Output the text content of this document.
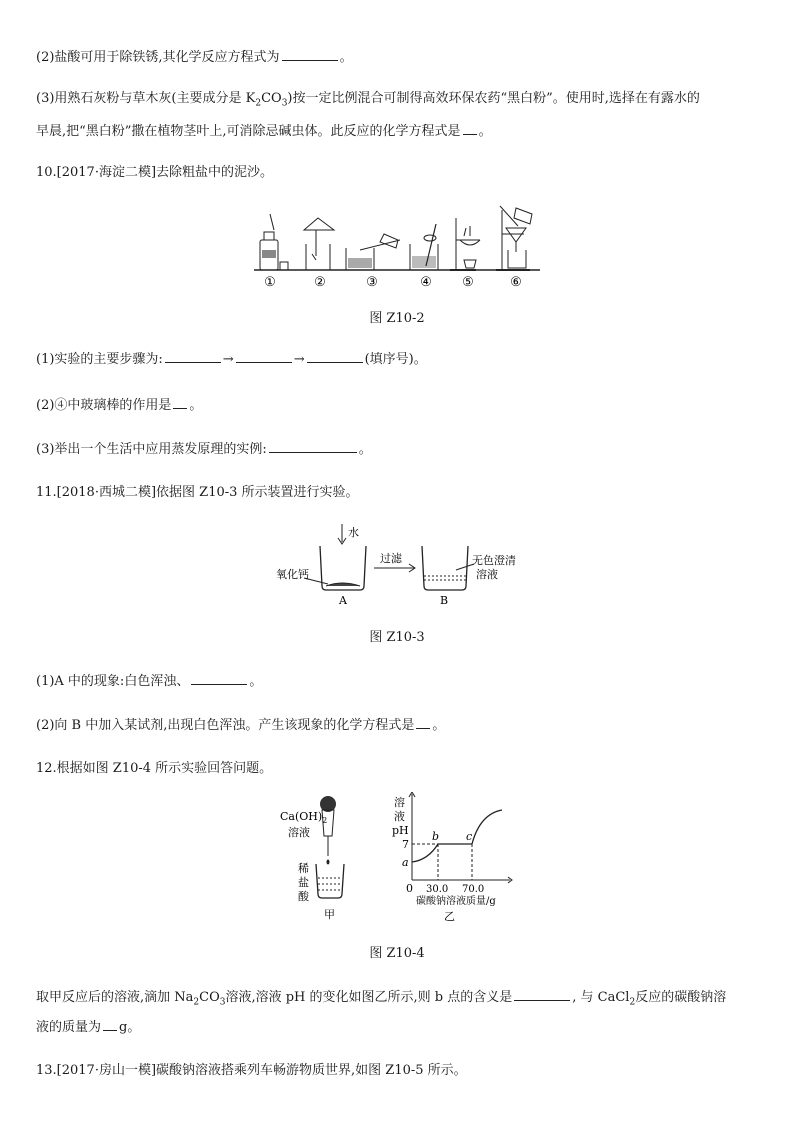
(2)盐酸可用于除铁锈,其化学反应方程式为	。
(3)用熟石灰粉与草木灰(主要成分是 $K_2CO_3$)按一定比例混合可制得高效环保农药“黑白粉”。使用时,选择在有露水的
早晨,把“黑白粉”撒在植物茎叶上,可消除忌碱虫体。此反应的化学方程式是 。
10.[2017·海淀二模]去除粗盐中的泥沙。
①	②	③	④ ⑤	⑥
图 Z10-2
(1)实验的主要步骤为:	→	→	(填序号)。
(2)④中玻璃棒的作用是 。
(3)举出一个生活中应用蒸发原理的实例:	。
11.[2018·西城二模]依据图 Z10-3 所示装置进行实验。
水
氧化钙
A
过滤	无色澄清
溶液
B
图 Z10-3
(1)A 中的现象:白色浑浊、	。
(2)向 B 中加入某试剂,出现白色浑浊。产生该现象的化学方程式是 。
12.根据如图 Z10-4 所示实验回答问题。
$Ca(OH)_2$
溶液
稀
盐
酸
甲
溶
液
pH
7
a
0 30.0 70.0
b c
碳酸钠溶液质量/g
乙
图 Z10-4
取甲反应后的溶液,滴加 $Na_2CO_3$溶液,溶液 pH 的变化如图乙所示,则 b 点的含义是	, 与 CaCl$_2$反应的碳酸钠溶
液的质量为 g。
13.[2017·房山一模]碳酸钠溶液搭乘列车畅游物质世界,如图 Z10-5 所示。
